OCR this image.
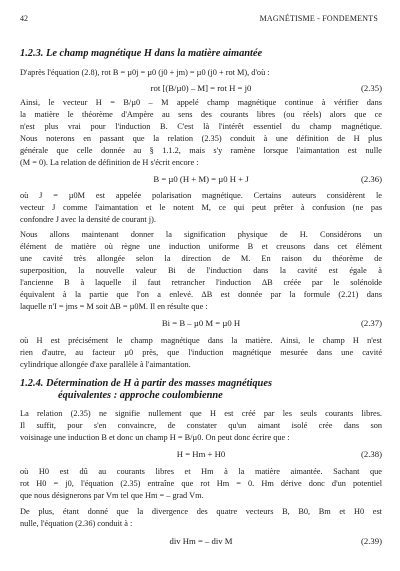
42	MAGNÉTISME - FONDEMENTS
1.2.3. Le champ magnétique H dans la matière aimantée
D'après l'équation (2.8), rot B = µ0j = µ0 (j0 + jm) = µ0 (j0 + rot M), d'où :
rot [(B/µ0) – M] = rot H = j0	(2.35)
Ainsi, le vecteur H = B/µ0 – M appelé champ magnétique continue à vérifier dans
la matière le théorème d'Ampère au sens des courants libres (ou réels) alors que ce
n'est plus vrai pour l'induction B. C'est là l'intérêt essentiel du champ magnétique.
Nous noterons en passant que la relation (2.35) conduit à une définition de H plus
générale que celle donnée au § 1.1.2, mais s'y ramène lorsque l'aimantation est nulle
(M = 0). La relation de définition de H s'écrit encore :
B = µ0 (H + M) = µ0 H + J	(2.36)
où J = µ0M est appelée polarisation magnétique. Certains auteurs considèrent le
vecteur J comme l'aimantation et le notent M, ce qui peut prêter à confusion (ne pas
confondre J avec la densité de courant j).
Nous allons maintenant donner la signification physique de H. Considérons un
élément de matière où règne une induction uniforme B et creusons dans cet élément
une cavité très allongée selon la direction de M. En raison du théorème de
superposition, la nouvelle valeur Bi de l'induction dans la cavité est égale à
l'ancienne B à laquelle il faut retrancher l'induction ΔB créée par le solénoïde
équivalent à la partie que l'on a enlevé. ΔB est donnée par la formule (2.21) dans
laquelle n'I = jms = M soit ΔB = µ0M. Il en résulte que :
Bi = B – µ0 M = µ0 H	(2.37)
où H est précisément le champ magnétique dans la matière. Ainsi, le champ H n'est
rien d'autre, au facteur µ0 près, que l'induction magnétique mesurée dans une cavité
cylindrique allongée d'axe parallèle à l'aimantation.
1.2.4. Détermination de H à partir des masses magnétiques
équivalentes : approche coulombienne
La relation (2.35) ne signifie nullement que H est créé par les seuls courants libres.
Il suffit, pour s'en convaincre, de constater qu'un aimant isolé crée dans son
voisinage une induction B et donc un champ H = B/µ0. On peut donc écrire que :
H = Hm + H0	(2.38)
où H0 est dû au courants libres et Hm à la matière aimantée. Sachant que
rot H0 = j0, l'équation (2.35) entraîne que rot Hm = 0. Hm dérive donc d'un potentiel
que nous désignerons par Vm tel que Hm = – grad Vm.
De plus, étant donné que la divergence des quatre vecteurs B, B0, Bm et H0 est
nulle, l'équation (2.36) conduit à :
div Hm = – div M	(2.39)
